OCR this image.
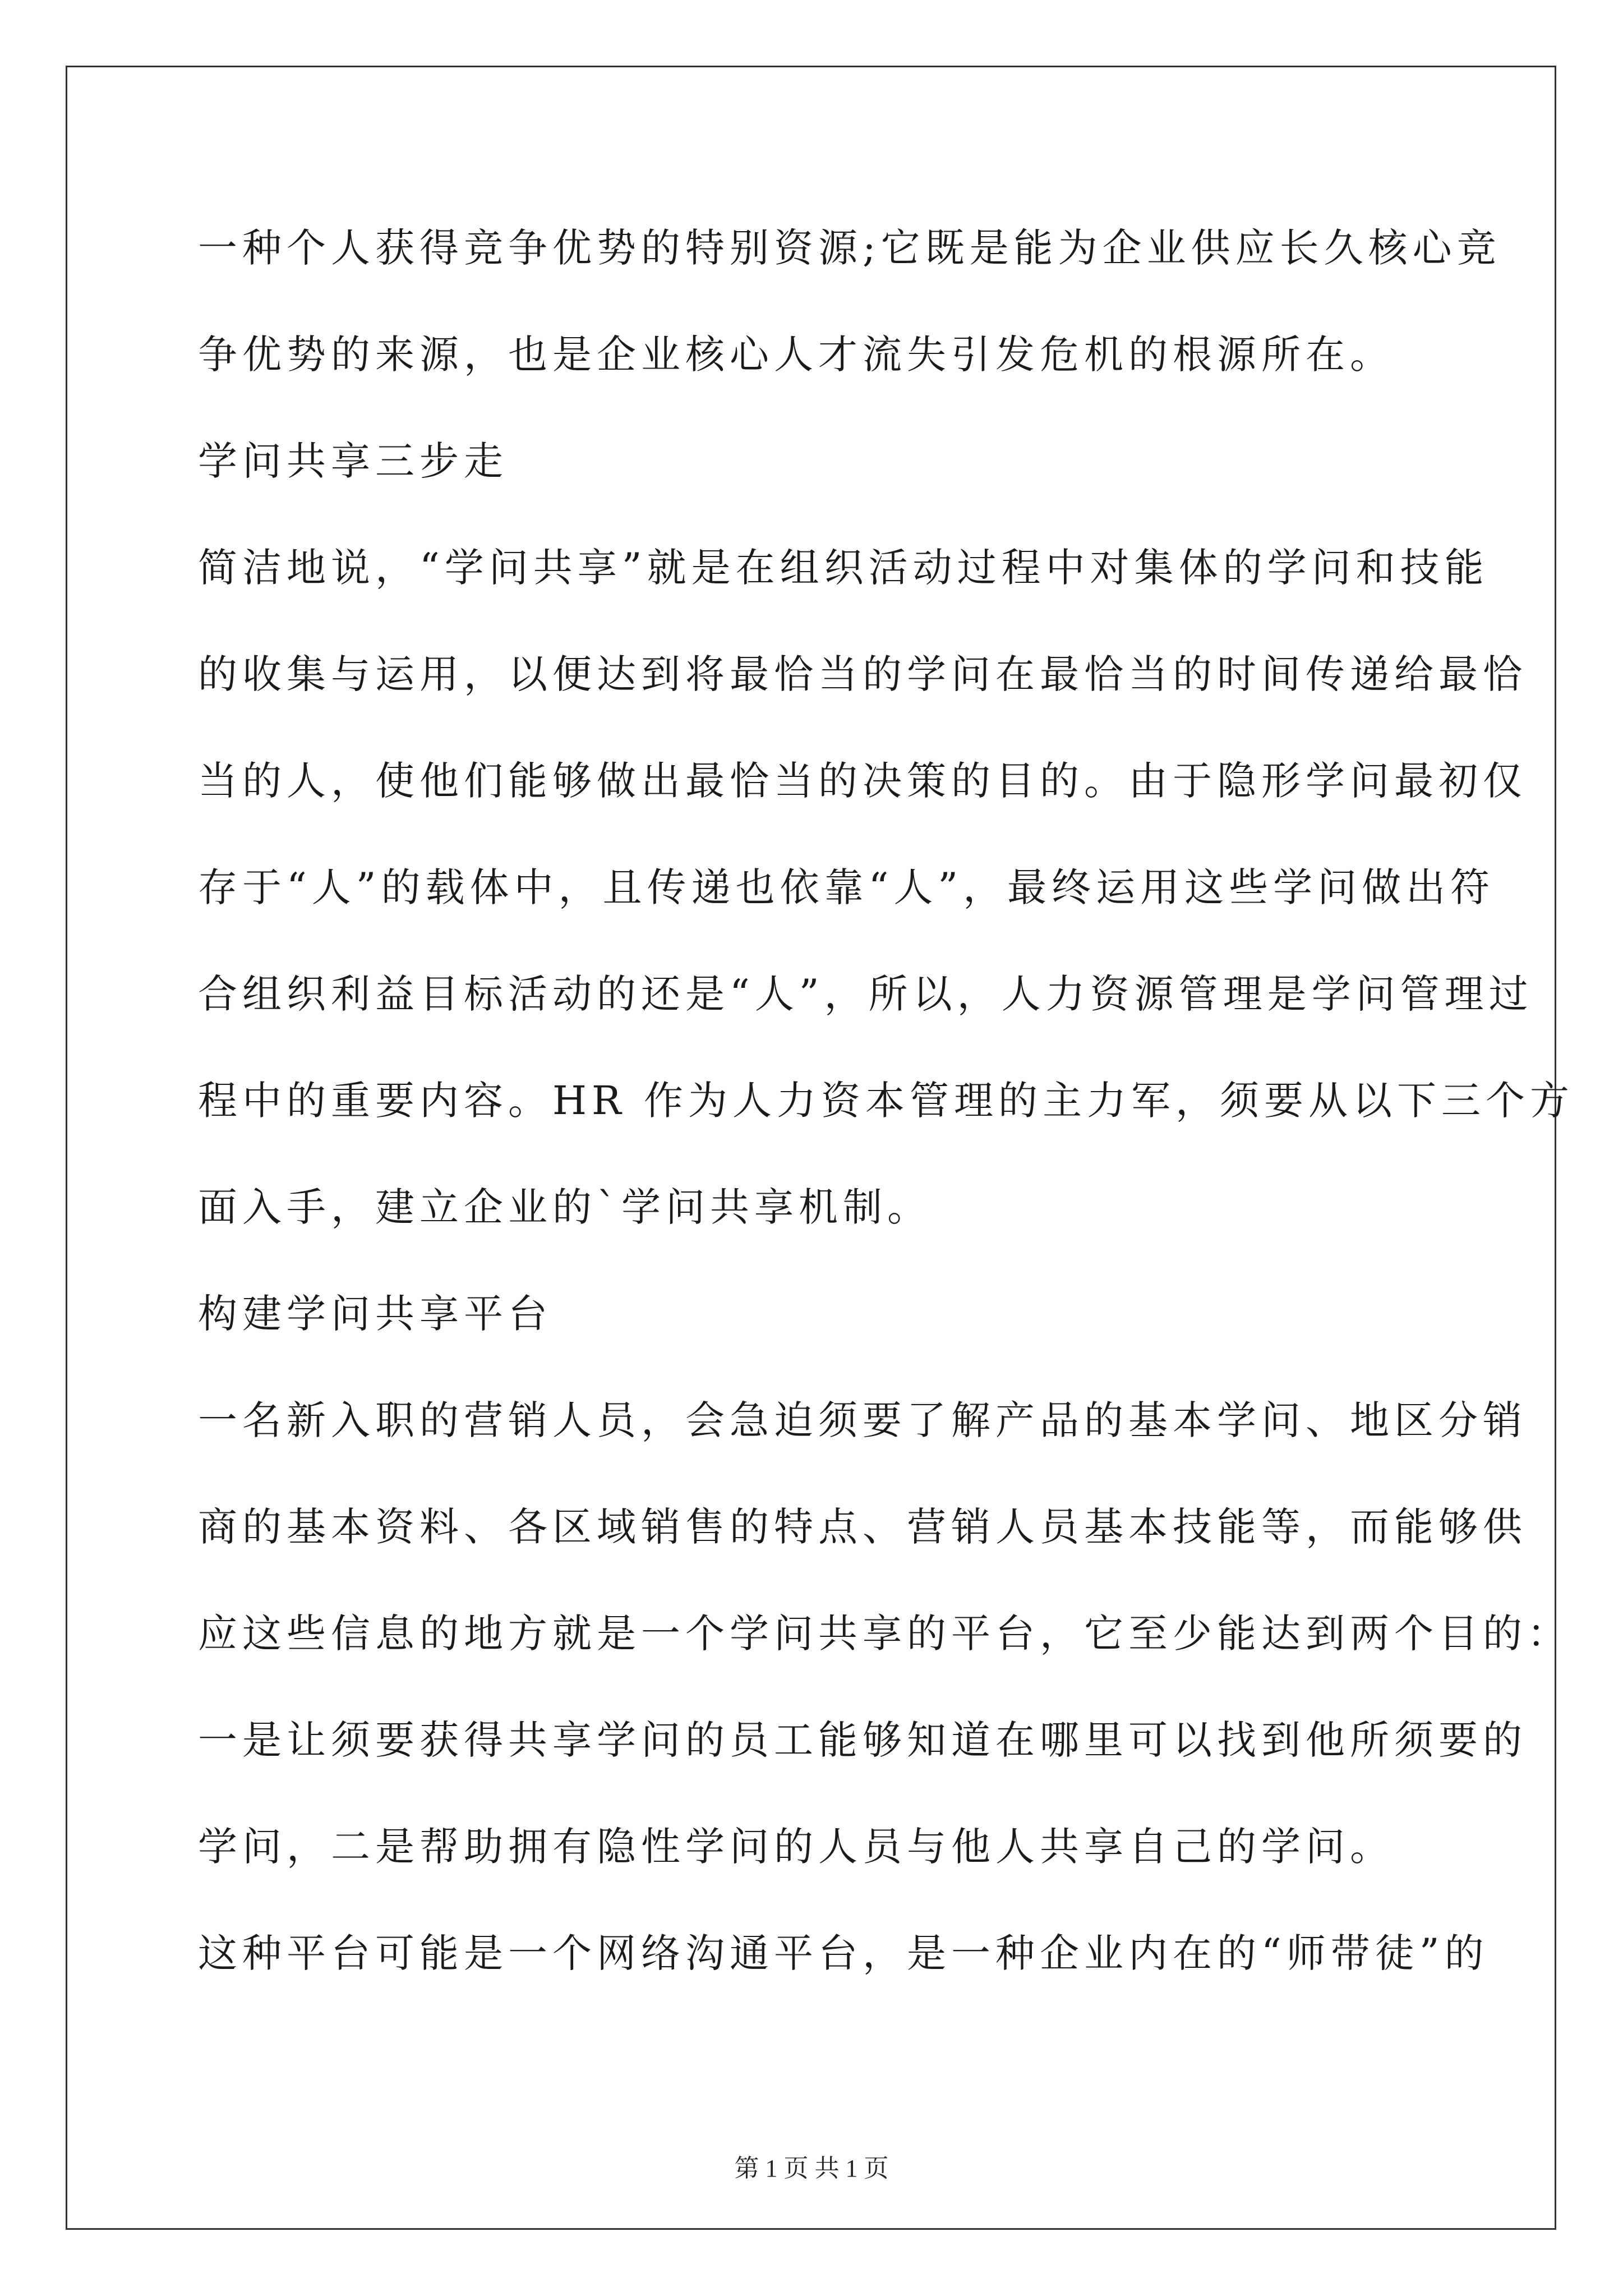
一种个人获得竞争优势的特别资源;它既是能为企业供应长久核心竞
争优势的来源，也是企业核心人才流失引发危机的根源所在。
学问共享三步走
简洁地说，“学问共享”就是在组织活动过程中对集体的学问和技能
的收集与运用，以便达到将最恰当的学问在最恰当的时间传递给最恰
当的人，使他们能够做出最恰当的决策的目的。由于隐形学问最初仅
存于“人”的载体中，且传递也依靠“人”，最终运用这些学问做出符
合组织利益目标活动的还是“人”，所以，人力资源管理是学问管理过
程中的重要内容。HR 作为人力资本管理的主力军，须要从以下三个方
面入手，建立企业的`学问共享机制。
构建学问共享平台
一名新入职的营销人员，会急迫须要了解产品的基本学问、地区分销
商的基本资料、各区域销售的特点、营销人员基本技能等，而能够供
应这些信息的地方就是一个学问共享的平台，它至少能达到两个目的：
一是让须要获得共享学问的员工能够知道在哪里可以找到他所须要的
学问，二是帮助拥有隐性学问的人员与他人共享自己的学问。
这种平台可能是一个网络沟通平台，是一种企业内在的“师带徒”的
第 1 页 共 1 页
